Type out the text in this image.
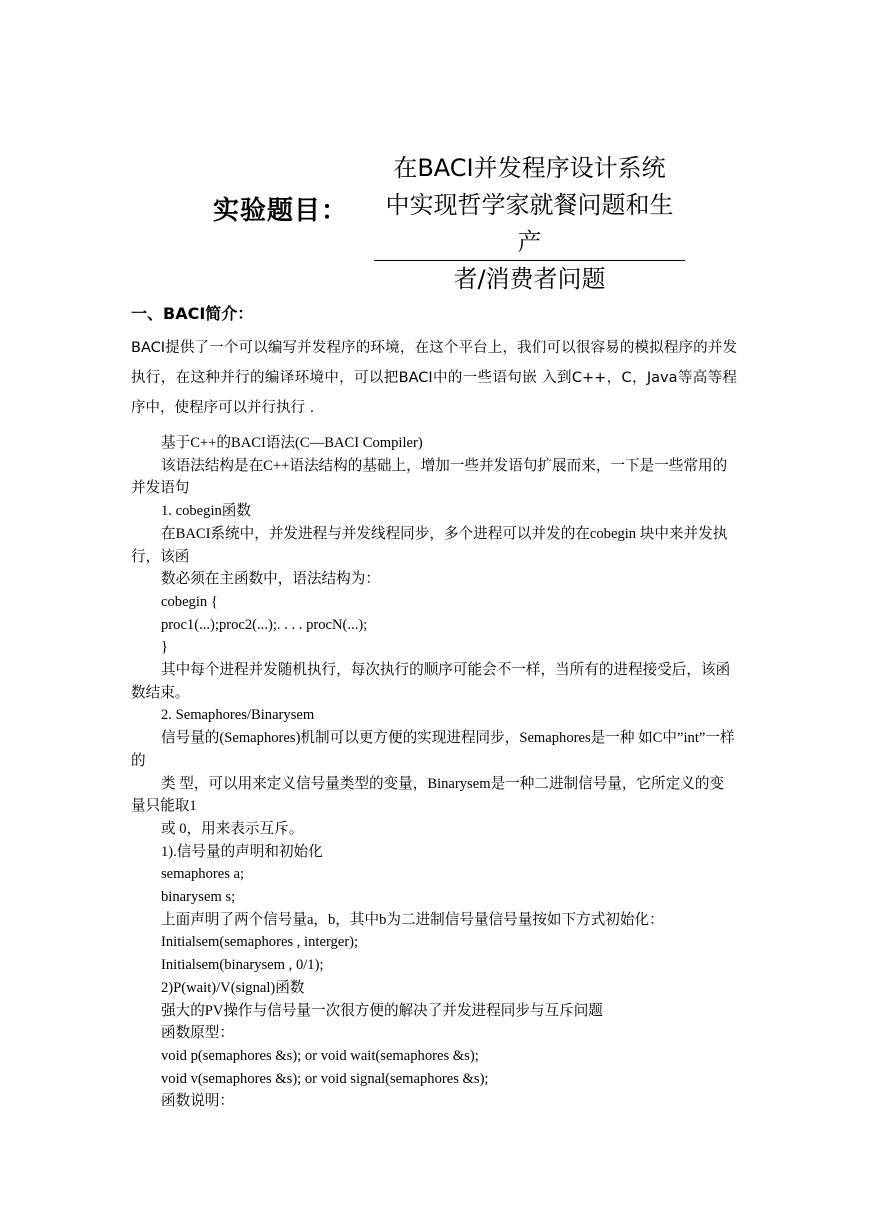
实验题目：
在BACI并发程序设计系统
中实现哲学家就餐问题和生产
者/消费者问题
一、BACI简介：
BACI提供了一个可以编写并发程序的环境，在这个平台上，我们可以很容易的模拟程序的并发执行，在这种并行的编译环境中，可以把BACI中的一些语句嵌 入到C++，C，Java等高等程序中，使程序可以并行执行 .

基于C++的BACI语法(C—BACI Compiler)

该语法结构是在C++语法结构的基础上，增加一些并发语句扩展而来，一下是一些常用的并发语句

1. cobegin函数

在BACI系统中，并发进程与并发线程同步，多个进程可以并发的在cobegin 块中来并发执行，该函

数必须在主函数中，语法结构为：

cobegin {

proc1(...);proc2(...);. . . . procN(...);

}

其中每个进程并发随机执行，每次执行的顺序可能会不一样，当所有的进程接受后，该函数结束。

2. Semaphores/Binarysem

信号量的(Semaphores)机制可以更方便的实现进程同步，Semaphores是一种 如C中”int”一样的

类 型，可以用来定义信号量类型的变量，Binarysem是一种二进制信号量，它所定义的变量只能取1

或 0，用来表示互斥。

1).信号量的声明和初始化

semaphores a;

binarysem s;

上面声明了两个信号量a，b，其中b为二进制信号量信号量按如下方式初始化：

Initialsem(semaphores , interger);

Initialsem(binarysem , 0/1);

2)P(wait)/V(signal)函数

强大的PV操作与信号量一次很方便的解决了并发进程同步与互斥问题

函数原型：

void p(semaphores &s); or void wait(semaphores &s);

void v(semaphores &s); or void signal(semaphores &s);

函数说明：
